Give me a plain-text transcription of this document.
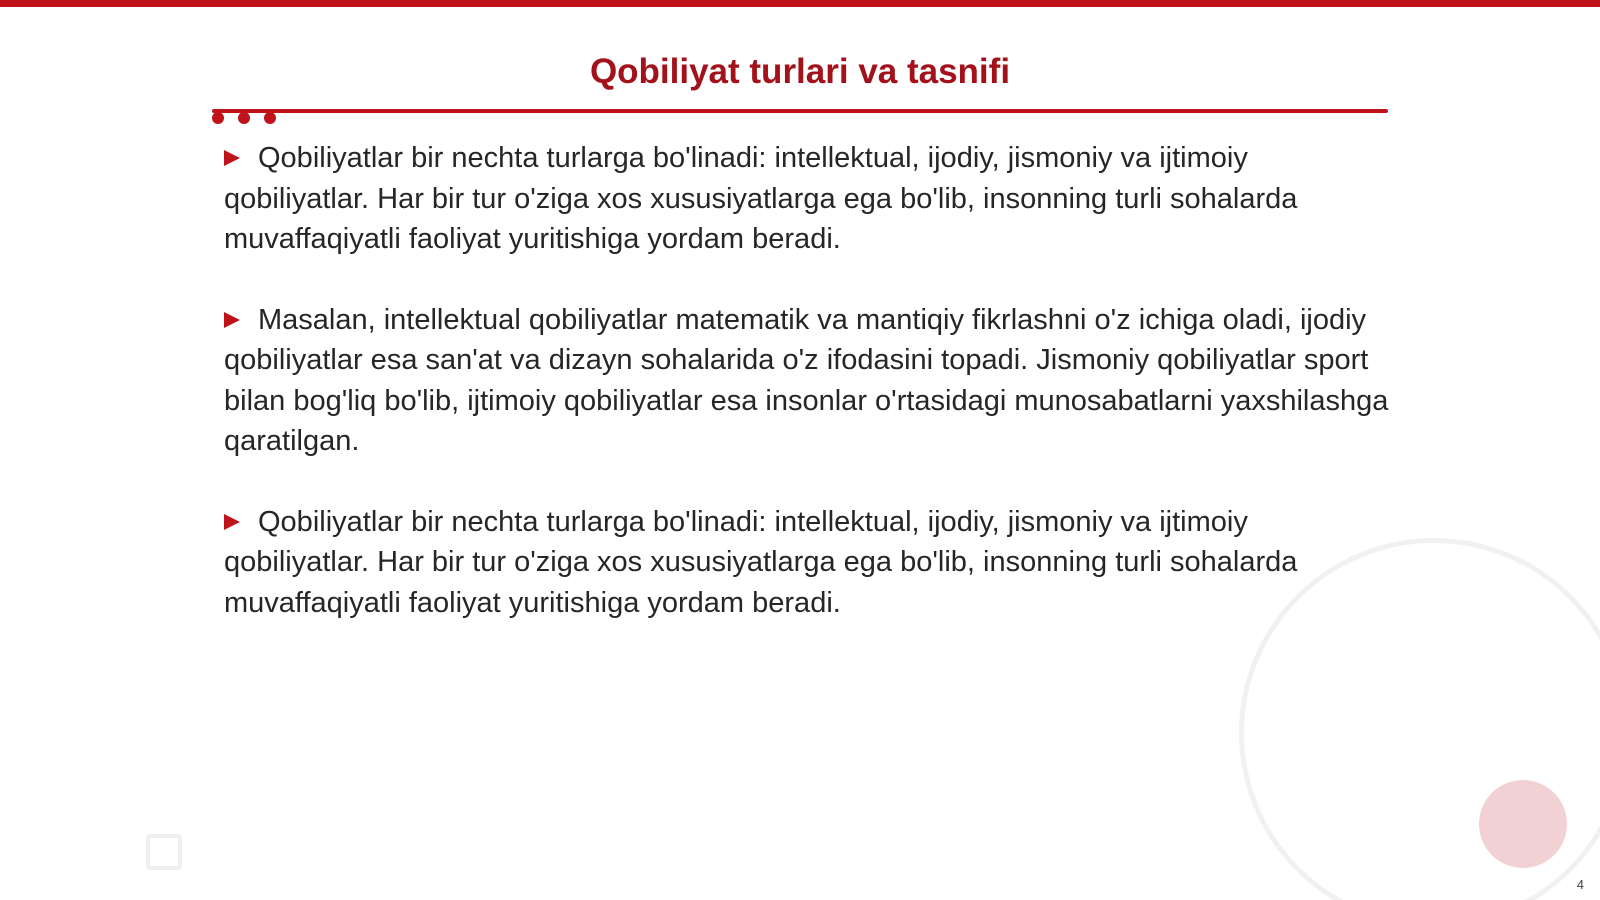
Qobiliyat turlari va tasnifi
Qobiliyatlar bir nechta turlarga bo'linadi: intellektual, ijodiy, jismoniy va ijtimoiy qobiliyatlar. Har bir tur o'ziga xos xususiyatlarga ega bo'lib, insonning turli sohalarda muvaffaqiyatli faoliyat yuritishiga yordam beradi.
Masalan, intellektual qobiliyatlar matematik va mantiqiy fikrlashni o'z ichiga oladi, ijodiy qobiliyatlar esa san'at va dizayn sohalarida o'z ifodasini topadi. Jismoniy qobiliyatlar sport bilan bog'liq bo'lib, ijtimoiy qobiliyatlar esa insonlar o'rtasidagi munosabatlarni yaxshilashga qaratilgan.
Qobiliyatlar bir nechta turlarga bo'linadi: intellektual, ijodiy, jismoniy va ijtimoiy qobiliyatlar. Har bir tur o'ziga xos xususiyatlarga ega bo'lib, insonning turli sohalarda muvaffaqiyatli faoliyat yuritishiga yordam beradi.
4
